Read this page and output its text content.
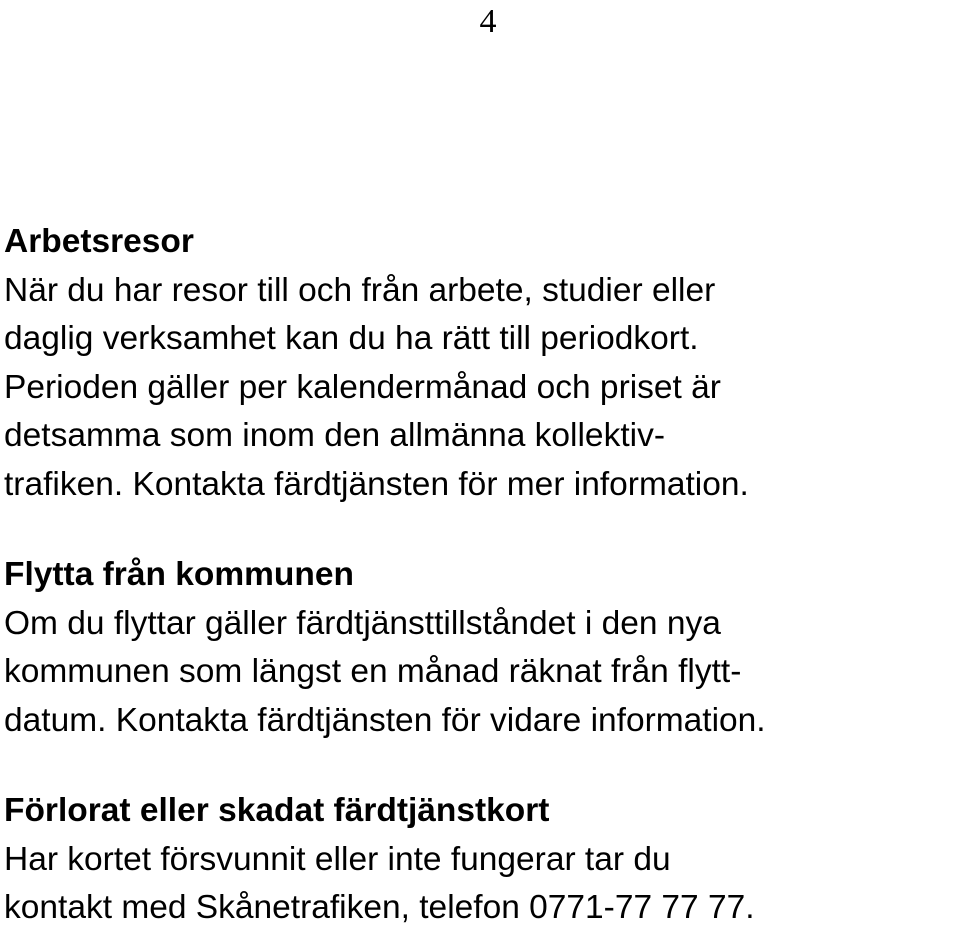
4
Arbetsresor
När du har resor till och från arbete, studier eller
daglig verksamhet kan du ha rätt till periodkort.
Perioden gäller per kalendermånad och priset är
detsamma som inom den allmänna kollektiv-
trafiken. Kontakta färdtjänsten för mer information.
Flytta från kommunen
Om du flyttar gäller färdtjänsttillståndet i den nya
kommunen som längst en månad räknat från flytt-
datum. Kontakta färdtjänsten för vidare information.
Förlorat eller skadat färdtjänstkort
Har kortet försvunnit eller inte fungerar tar du
kontakt med Skånetrafiken, telefon 0771-77 77 77.
